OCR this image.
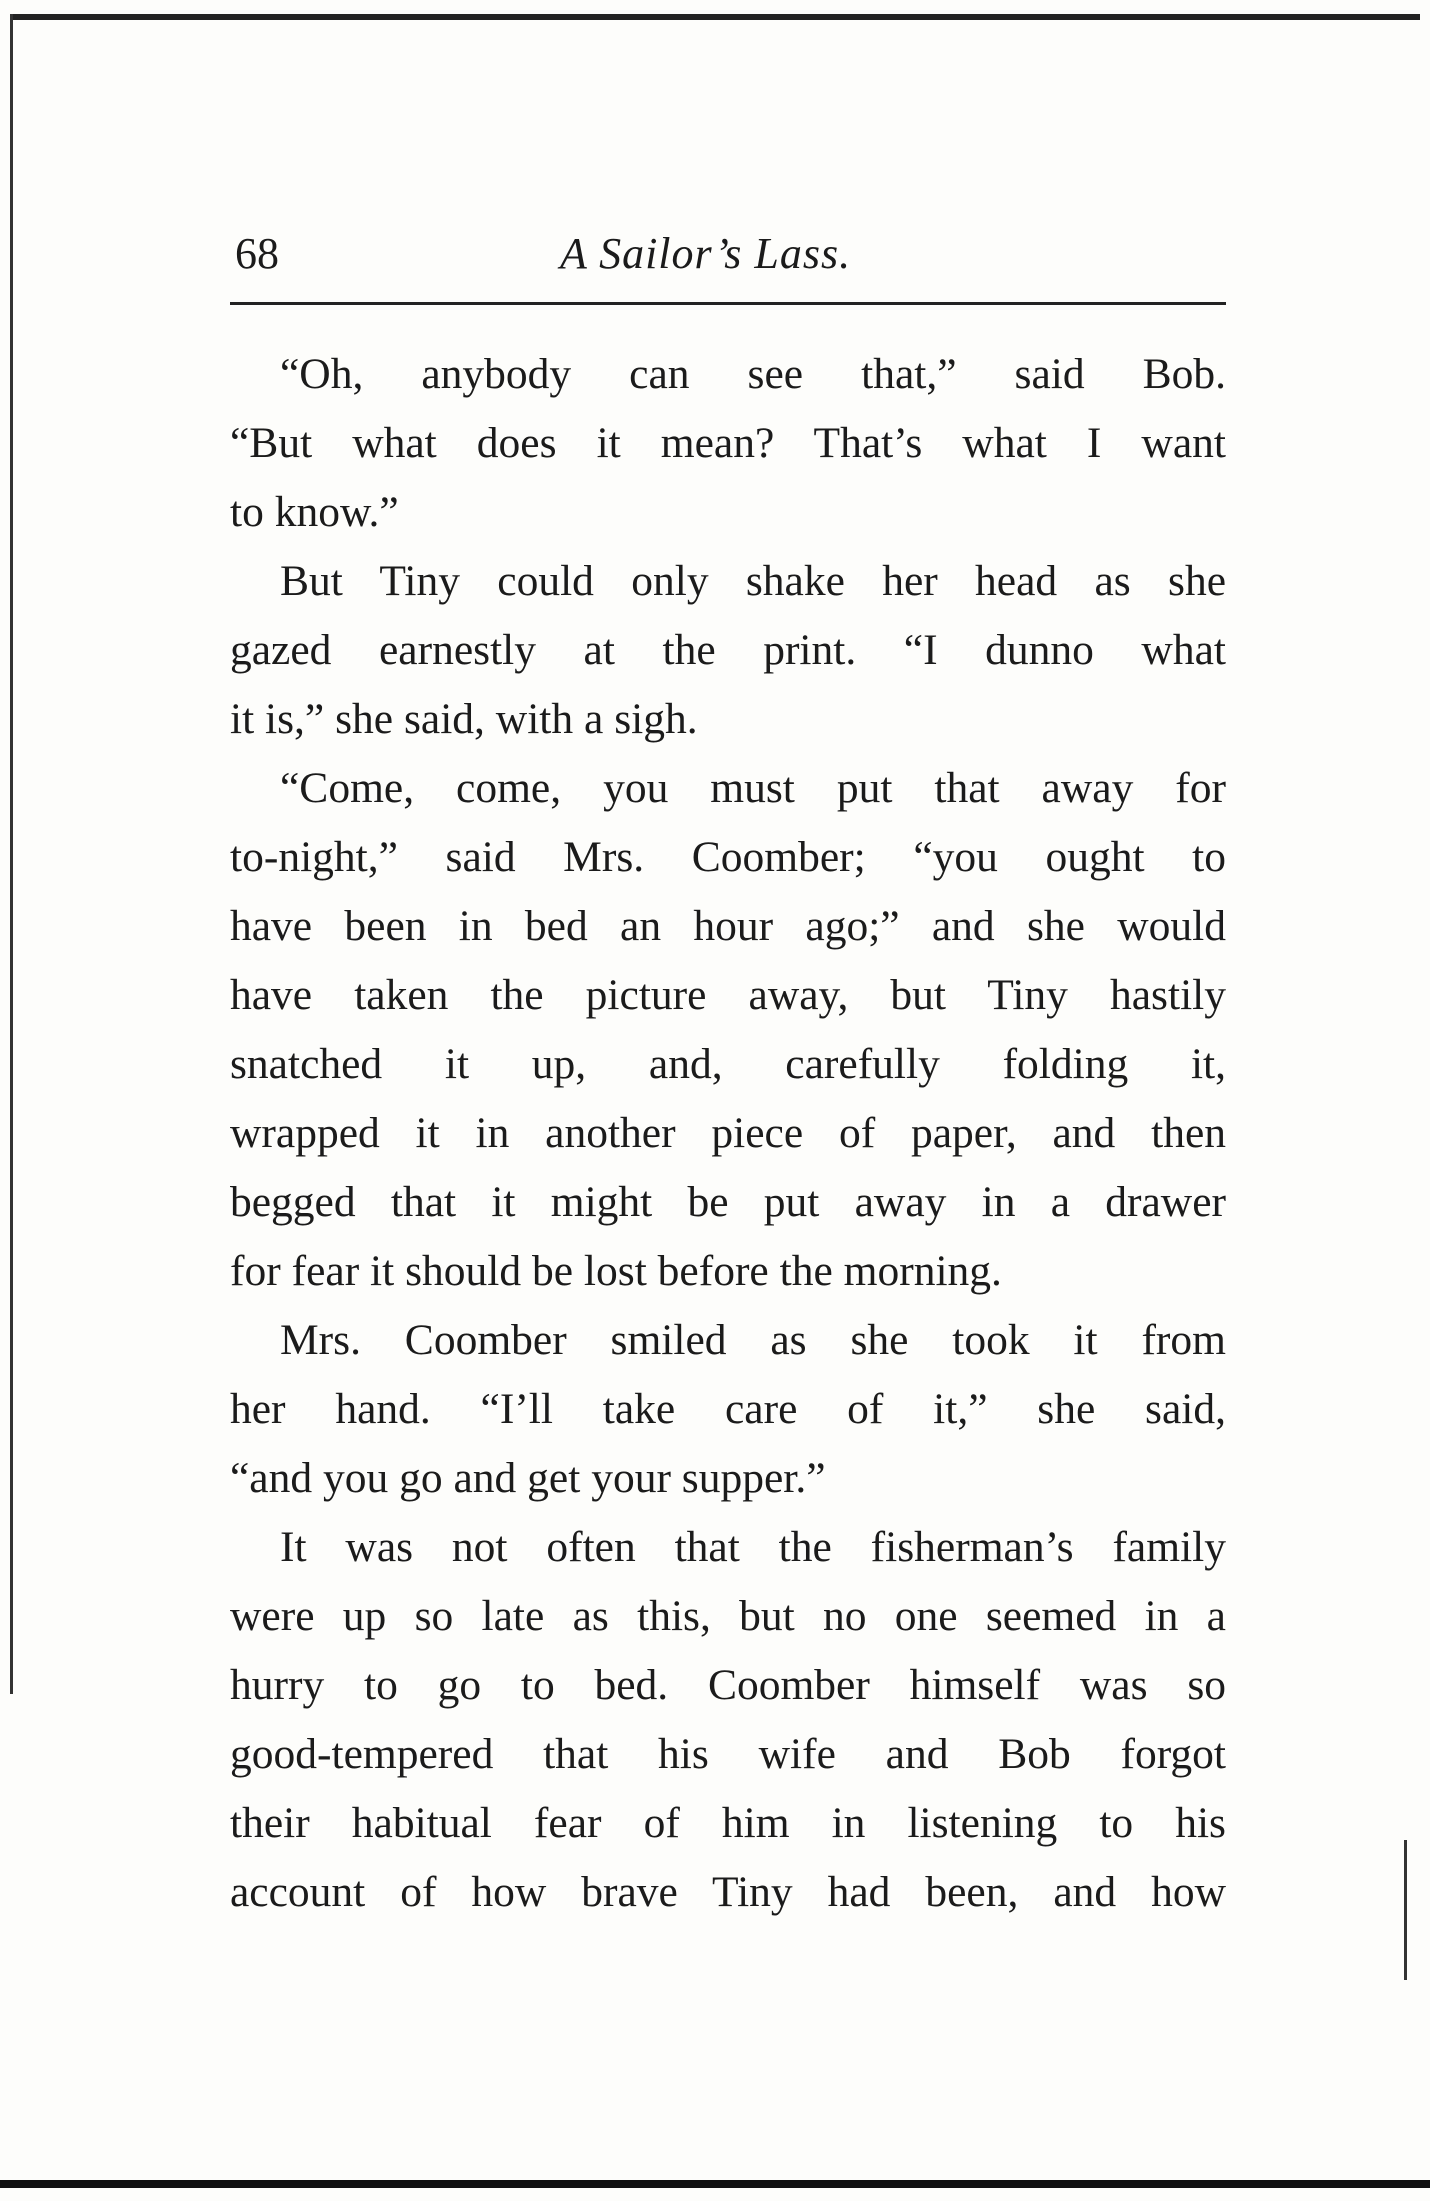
68	A Sailor’s Lass.
“Oh, anybody can see that,” said Bob.
“But what does it mean? That’s what I want
to know.”
But Tiny could only shake her head as she
gazed earnestly at the print. “I dunno what
it is,” she said, with a sigh.
“Come, come, you must put that away for
to-night,” said Mrs. Coomber; “you ought to
have been in bed an hour ago;” and she would
have taken the picture away, but Tiny hastily
snatched it up, and, carefully folding it,
wrapped it in another piece of paper, and then
begged that it might be put away in a drawer
for fear it should be lost before the morning.
Mrs. Coomber smiled as she took it from
her hand. “I’ll take care of it,” she said,
“and you go and get your supper.”
It was not often that the fisherman’s family
were up so late as this, but no one seemed in a
hurry to go to bed. Coomber himself was so
good-tempered that his wife and Bob forgot
their habitual fear of him in listening to his
account of how brave Tiny had been, and how
